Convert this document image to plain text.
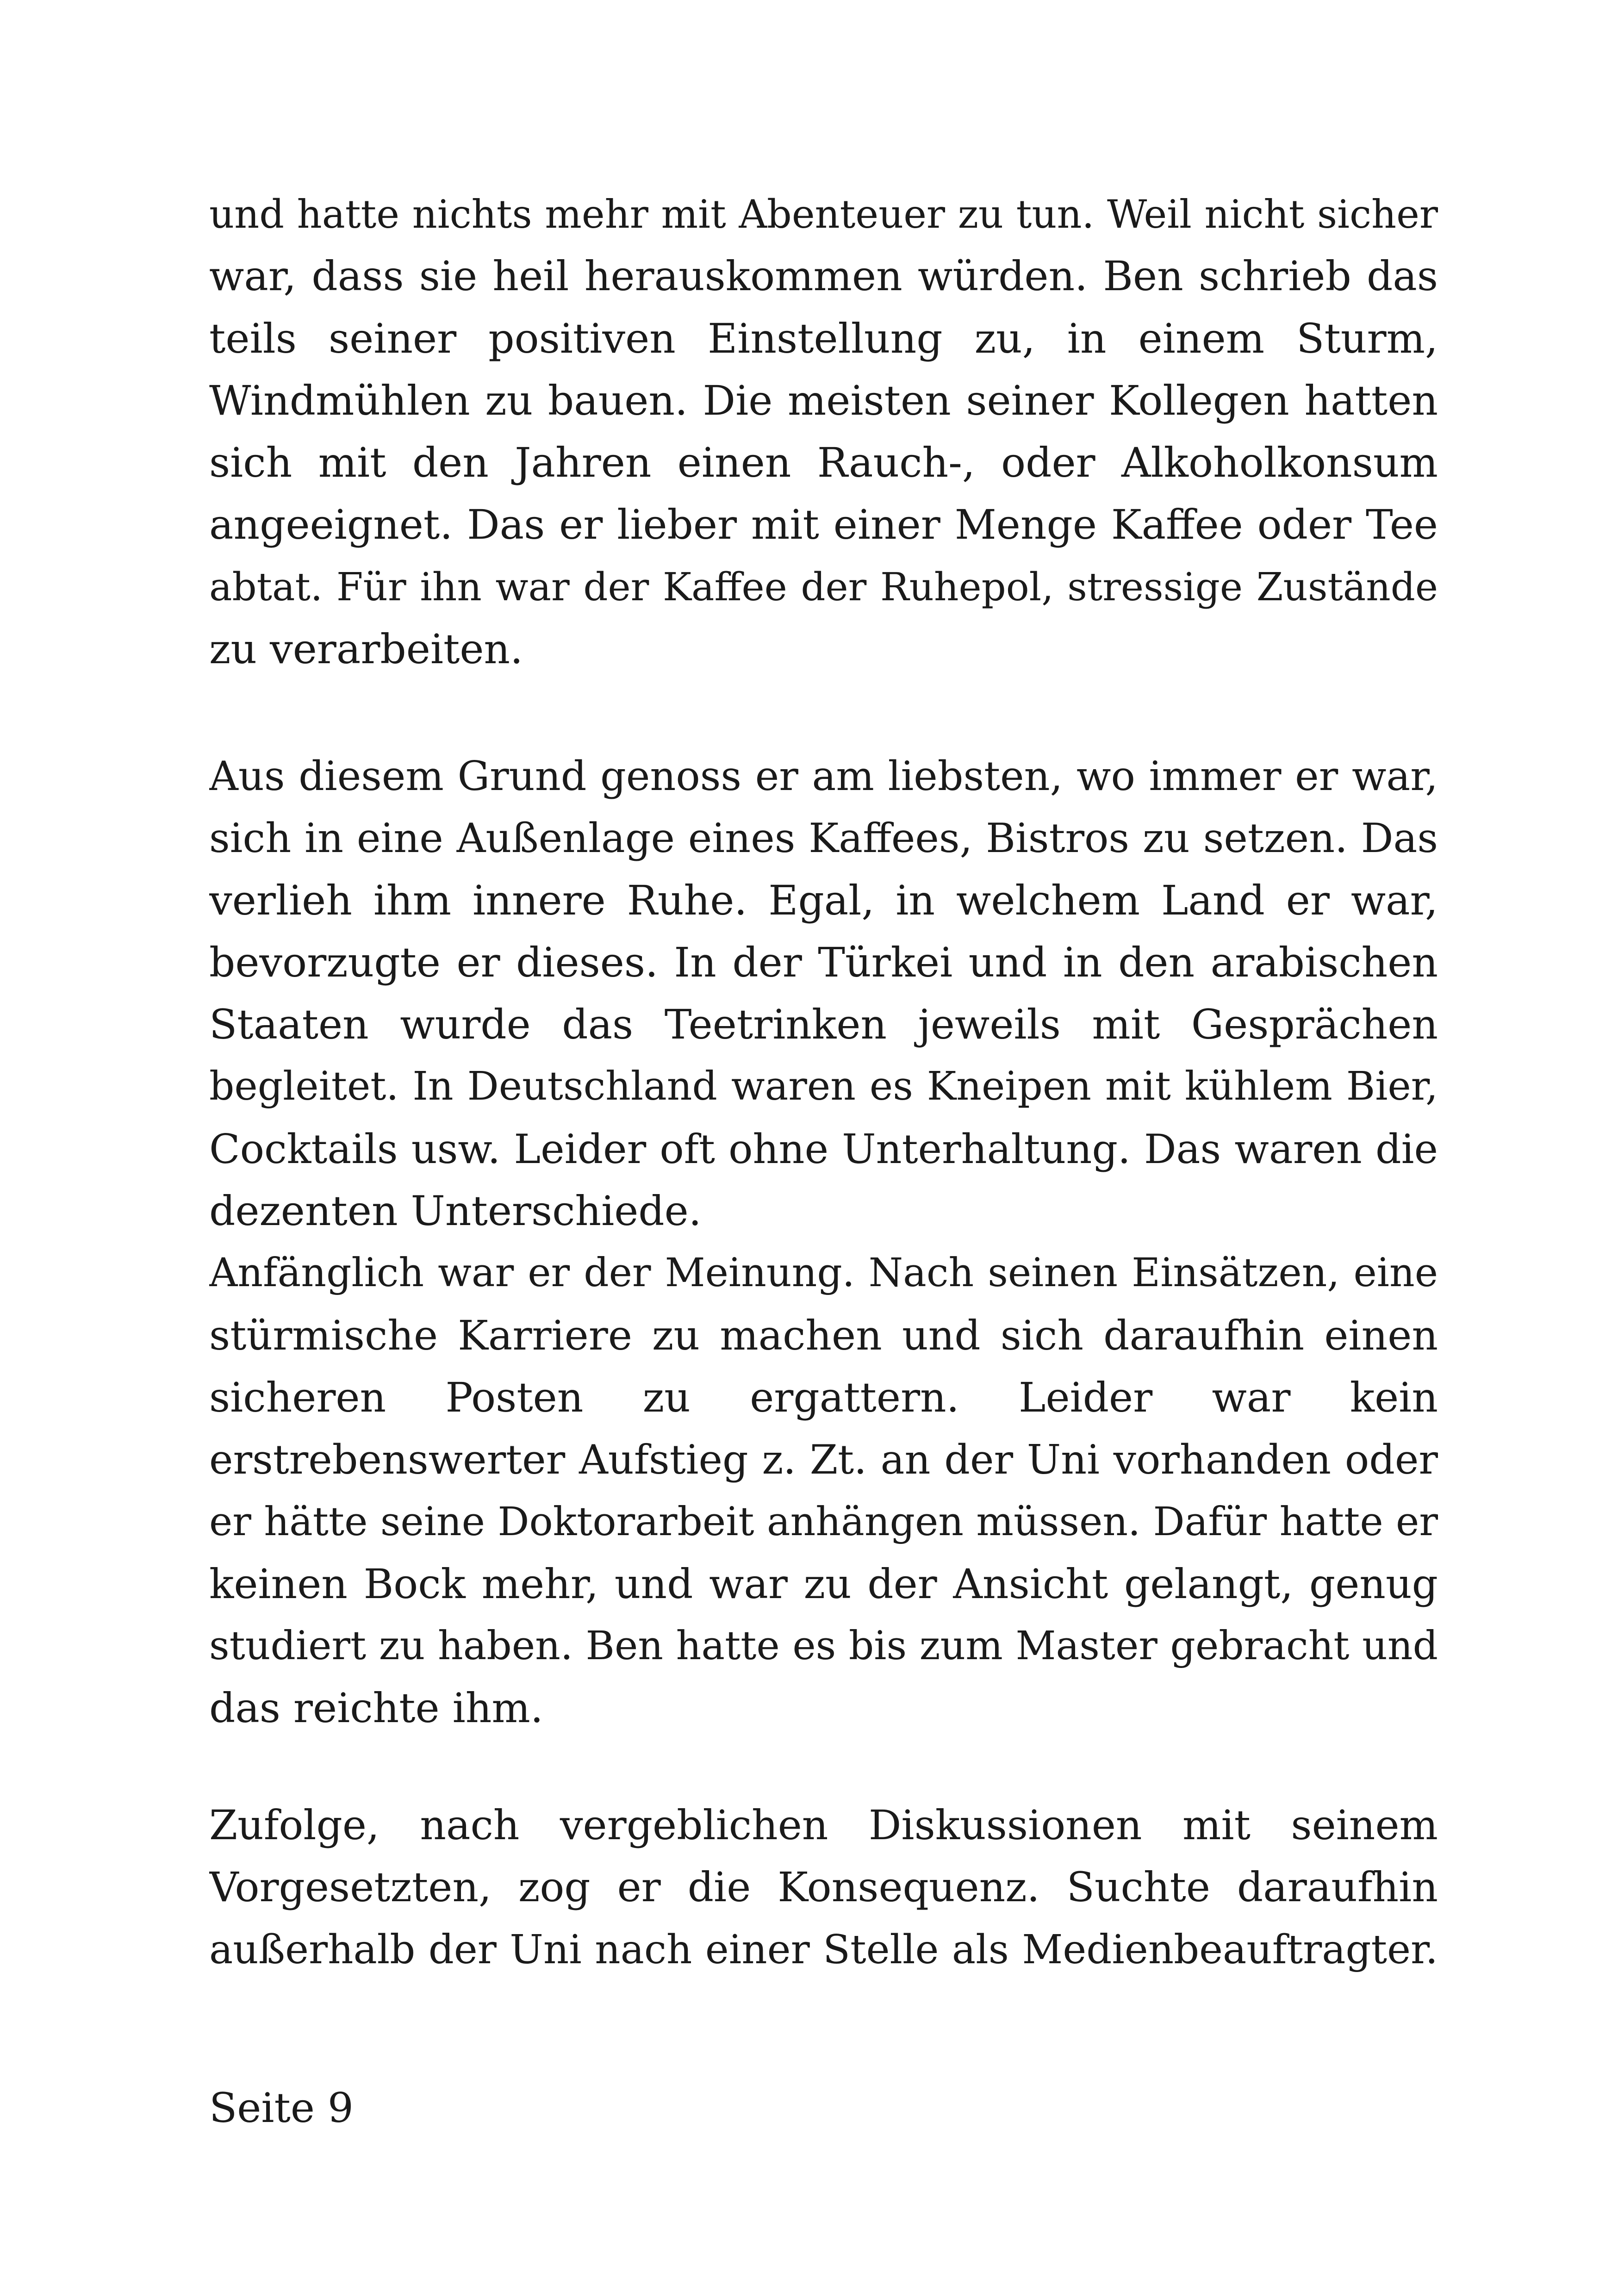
und hatte nichts mehr mit Abenteuer zu tun. Weil nicht sicher
war, dass sie heil herauskommen würden. Ben schrieb das
teils seiner positiven Einstellung zu, in einem Sturm,
Windmühlen zu bauen. Die meisten seiner Kollegen hatten
sich mit den Jahren einen Rauch-, oder Alkoholkonsum
angeeignet. Das er lieber mit einer Menge Kaffee oder Tee
abtat. Für ihn war der Kaffee der Ruhepol, stressige Zustände
zu verarbeiten.
Aus diesem Grund genoss er am liebsten, wo immer er war,
sich in eine Außenlage eines Kaffees, Bistros zu setzen. Das
verlieh ihm innere Ruhe. Egal, in welchem Land er war,
bevorzugte er dieses. In der Türkei und in den arabischen
Staaten wurde das Teetrinken jeweils mit Gesprächen
begleitet. In Deutschland waren es Kneipen mit kühlem Bier,
Cocktails usw. Leider oft ohne Unterhaltung. Das waren die
dezenten Unterschiede.
Anfänglich war er der Meinung. Nach seinen Einsätzen, eine
stürmische Karriere zu machen und sich daraufhin einen
sicheren Posten zu ergattern. Leider war kein
erstrebenswerter Aufstieg z. Zt. an der Uni vorhanden oder
er hätte seine Doktorarbeit anhängen müssen. Dafür hatte er
keinen Bock mehr, und war zu der Ansicht gelangt, genug
studiert zu haben. Ben hatte es bis zum Master gebracht und
das reichte ihm.
Zufolge, nach vergeblichen Diskussionen mit seinem
Vorgesetzten, zog er die Konsequenz. Suchte daraufhin
außerhalb der Uni nach einer Stelle als Medienbeauftragter.
Seite 9
